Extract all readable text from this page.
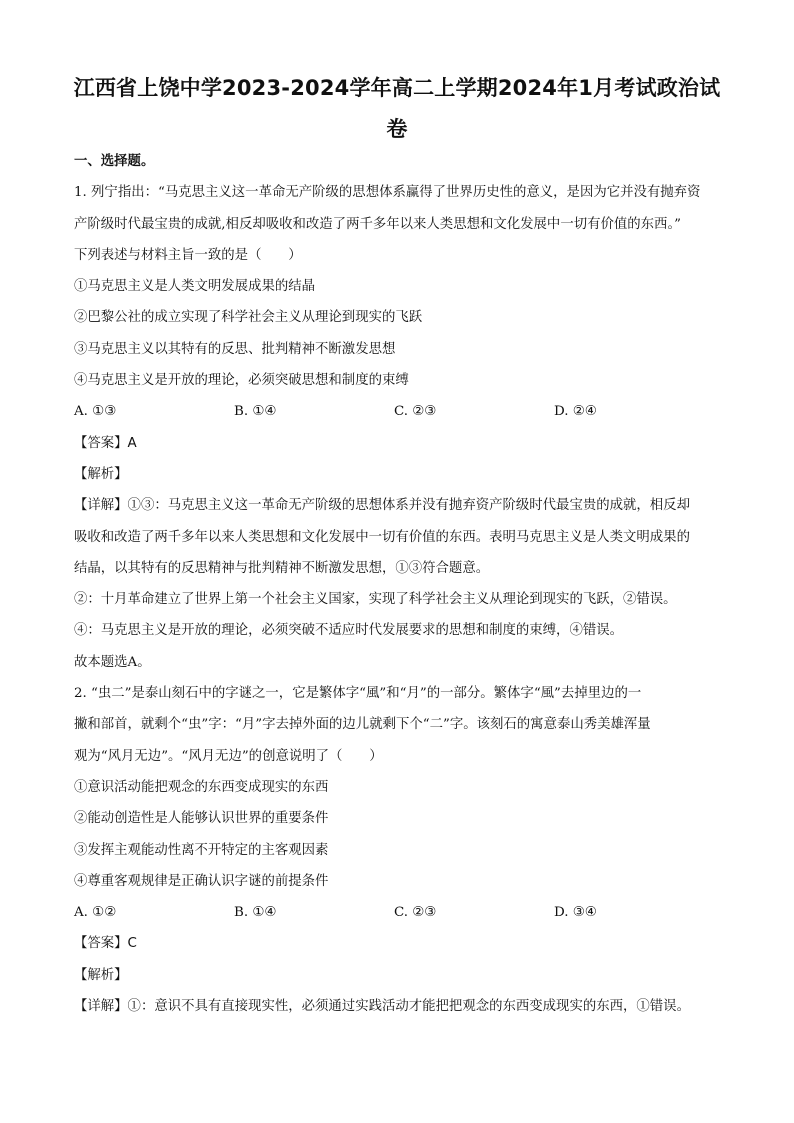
江西省上饶中学2023-2024学年高二上学期2024年1月考试政治试
卷
一、选择题。
1. 列宁指出：“马克思主义这一革命无产阶级的思想体系赢得了世界历史性的意义，是因为它并没有抛弃资
产阶级时代最宝贵的成就,相反却吸收和改造了两千多年以来人类思想和文化发展中一切有价值的东西。”
下列表述与材料主旨一致的是（　　）
①马克思主义是人类文明发展成果的结晶
②巴黎公社的成立实现了科学社会主义从理论到现实的飞跃
③马克思主义以其特有的反思、批判精神不断激发思想
④马克思主义是开放的理论，必须突破思想和制度的束缚
A. ①③	B. ①④	C. ②③	D. ②④
【答案】A
【解析】
【详解】①③：马克思主义这一革命无产阶级的思想体系并没有抛弃资产阶级时代最宝贵的成就，相反却
吸收和改造了两千多年以来人类思想和文化发展中一切有价值的东西。表明马克思主义是人类文明成果的
结晶，以其特有的反思精神与批判精神不断激发思想，①③符合题意。
②：十月革命建立了世界上第一个社会主义国家，实现了科学社会主义从理论到现实的飞跃，②错误。
④：马克思主义是开放的理论，必须突破不适应时代发展要求的思想和制度的束缚，④错误。
故本题选A。
2. “虫二”是泰山刻石中的字谜之一，它是繁体字“風”和“月”的一部分。繁体字“風”去掉里边的一
撇和部首，就剩个“虫”字：“月”字去掉外面的边儿就剩下个“二”字。该刻石的寓意泰山秀美雄浑量
观为“风月无边”。“风月无边”的创意说明了（　　）
①意识活动能把观念的东西变成现实的东西
②能动创造性是人能够认识世界的重要条件
③发挥主观能动性离不开特定的主客观因素
④尊重客观规律是正确认识字谜的前提条件
A. ①②	B. ①④	C. ②③	D. ③④
【答案】C
【解析】
【详解】①：意识不具有直接现实性，必须通过实践活动才能把把观念的东西变成现实的东西，①错误。
